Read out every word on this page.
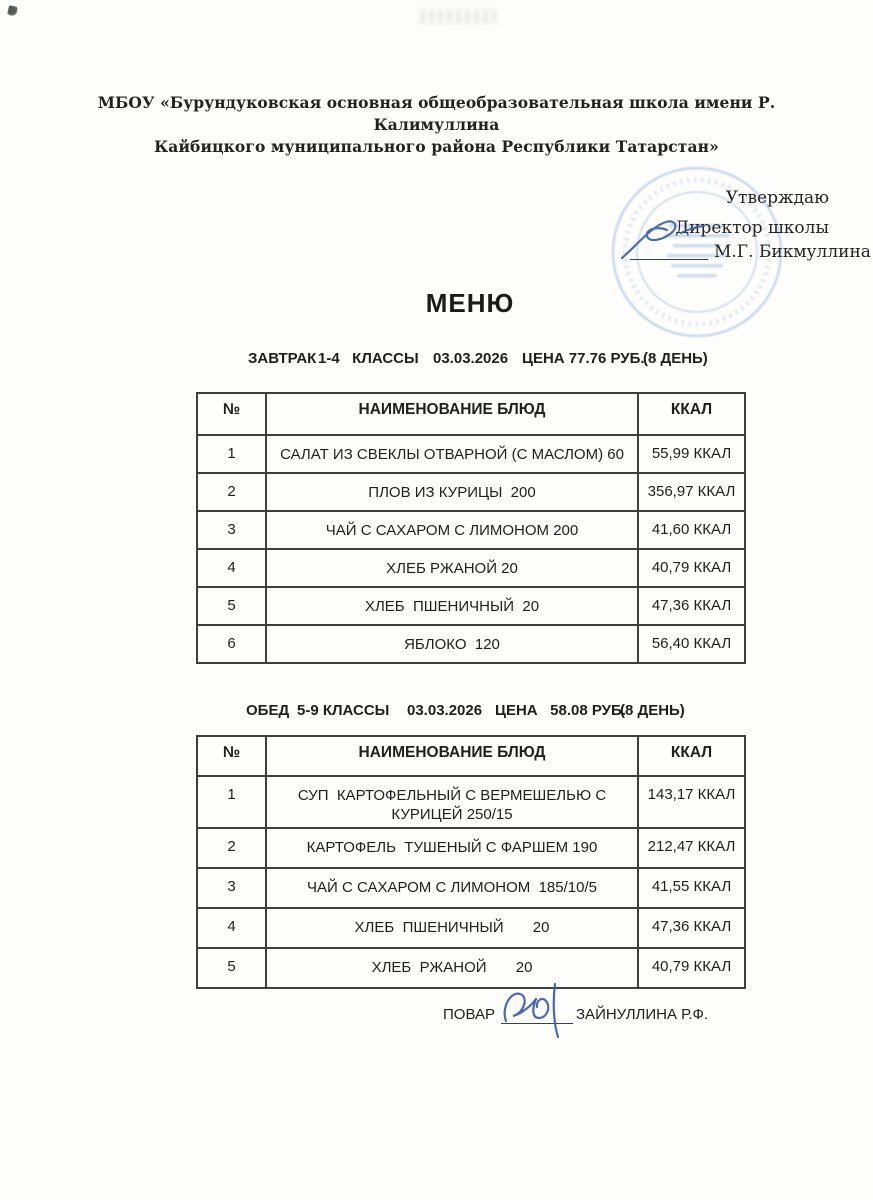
МБОУ «Бурундуковская основная общеобразовательная школа имени Р. Калимуллина
Кайбицкого муниципального района Республики Татарстан»
Утверждаю
Директор школы
М.Г. Бикмуллина
МЕНЮ
ЗАВТРАК 1-4   КЛАССЫ 03.03.2026 ЦЕНА 77.76 РУБ.
(8 ДЕНЬ)
№	НАИМЕНОВАНИЕ БЛЮД	ККАЛ
1	САЛАТ ИЗ СВЕКЛЫ ОТВАРНОЙ (С МАСЛОМ) 60	55,99 ККАЛ
2	ПЛОВ ИЗ КУРИЦЫ  200	356,97 ККАЛ
3	ЧАЙ С САХАРОМ С ЛИМОНОМ 200	41,60 ККАЛ
4	ХЛЕБ РЖАНОЙ 20	40,79 ККАЛ
5	ХЛЕБ  ПШЕНИЧНЫЙ  20	47,36 ККАЛ
6	ЯБЛОКО  120	56,40 ККАЛ
ОБЕД 5-9 КЛАССЫ 03.03.2026 ЦЕНА   58.08 РУБ.
(8 ДЕНЬ)
№	НАИМЕНОВАНИЕ БЛЮД	ККАЛ
1	СУП  КАРТОФЕЛЬНЫЙ С ВЕРМЕШЕЛЬЮ С КУРИЦЕЙ 250/15	143,17 ККАЛ
2	КАРТОФЕЛЬ  ТУШЕНЫЙ С ФАРШЕМ 190	212,47 ККАЛ
3	ЧАЙ С САХАРОМ С ЛИМОНОМ  185/10/5	41,55 ККАЛ
4	ХЛЕБ  ПШЕНИЧНЫЙ       20	47,36 ККАЛ
5	ХЛЕБ  РЖАНОЙ       20	40,79 ККАЛ
ПОВАР	ЗАЙНУЛЛИНА Р.Ф.
